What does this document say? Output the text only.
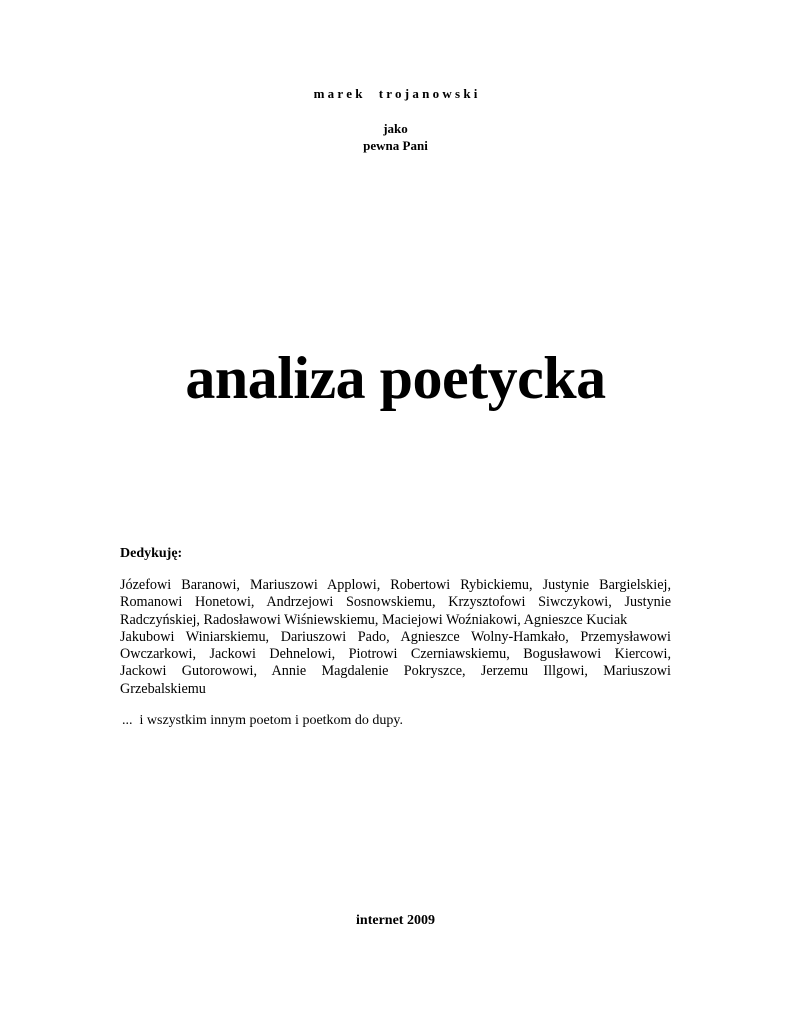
m a r e k     t r o j a n o w s k i
jako
pewna Pani
analiza poetycka
Dedykuję:
Józefowi Baranowi, Mariuszowi Applowi, Robertowi Rybickiemu, Justynie Bargielskiej,
Romanowi Honetowi, Andrzejowi Sosnowskiemu, Krzysztofowi Siwczykowi, Justynie
Radczyńskiej, Radosławowi Wiśniewskiemu, Maciejowi Woźniakowi, Agnieszce Kuciak
Jakubowi Winiarskiemu, Dariuszowi Pado, Agnieszce Wolny-Hamkało, Przemysławowi
Owczarkowi, Jackowi Dehnelowi, Piotrowi Czerniawskiemu, Bogusławowi Kiercowi,
Jackowi Gutorowowi, Annie Magdalenie Pokryszce, Jerzemu Illgowi, Mariuszowi
Grzebalskiemu
...  i wszystkim innym poetom i poetkom do dupy.
internet 2009
